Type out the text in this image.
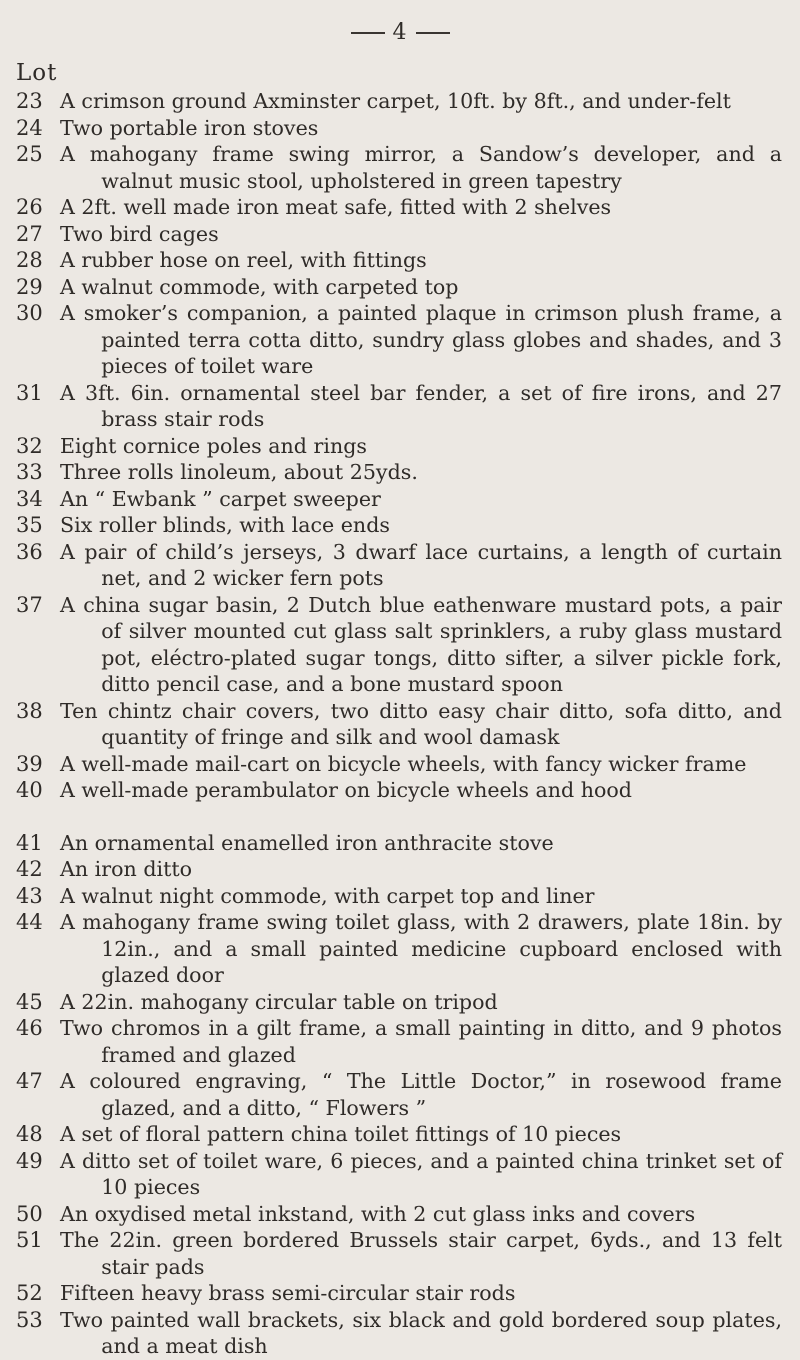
4
Lot
23 A crimson ground Axminster carpet, 10ft. by 8ft., and under-felt
24 Two portable iron stoves
25 A mahogany frame swing mirror, a Sandow’s developer, and a walnut music stool, upholstered in green tapestry
26 A 2ft. well made iron meat safe, fitted with 2 shelves
27 Two bird cages
28 A rubber hose on reel, with fittings
29 A walnut commode, with carpeted top
30 A smoker’s companion, a painted plaque in crimson plush frame, a painted terra cotta ditto, sundry glass globes and shades, and 3 pieces of toilet ware
31 A 3ft. 6in. ornamental steel bar fender, a set of fire irons, and 27 brass stair rods
32 Eight cornice poles and rings
33 Three rolls linoleum, about 25yds.
34 An “ Ewbank ” carpet sweeper
35 Six roller blinds, with lace ends
36 A pair of child’s jerseys, 3 dwarf lace curtains, a length of curtain net, and 2 wicker fern pots
37 A china sugar basin, 2 Dutch blue eathenware mustard pots, a pair of silver mounted cut glass salt sprinklers, a ruby glass mustard pot, eléctro-plated sugar tongs, ditto sifter, a silver pickle fork, ditto pencil case, and a bone mustard spoon
38 Ten chintz chair covers, two ditto easy chair ditto, sofa ditto, and quantity of fringe and silk and wool damask
39 A well-made mail-cart on bicycle wheels, with fancy wicker frame
40 A well-made perambulator on bicycle wheels and hood
41 An ornamental enamelled iron anthracite stove
42 An iron ditto
43 A walnut night commode, with carpet top and liner
44 A mahogany frame swing toilet glass, with 2 drawers, plate 18in. by 12in., and a small painted medicine cupboard enclosed with glazed door
45 A 22in. mahogany circular table on tripod
46 Two chromos in a gilt frame, a small painting in ditto, and 9 photos framed and glazed
47 A coloured engraving, “ The Little Doctor,” in rosewood frame glazed, and a ditto, “ Flowers ”
48 A set of floral pattern china toilet fittings of 10 pieces
49 A ditto set of toilet ware, 6 pieces, and a painted china trinket set of 10 pieces
50 An oxydised metal inkstand, with 2 cut glass inks and covers
51 The 22in. green bordered Brussels stair carpet, 6yds., and 13 felt stair pads
52 Fifteen heavy brass semi-circular stair rods
53 Two painted wall brackets, six black and gold bordered soup plates, and a meat dish
